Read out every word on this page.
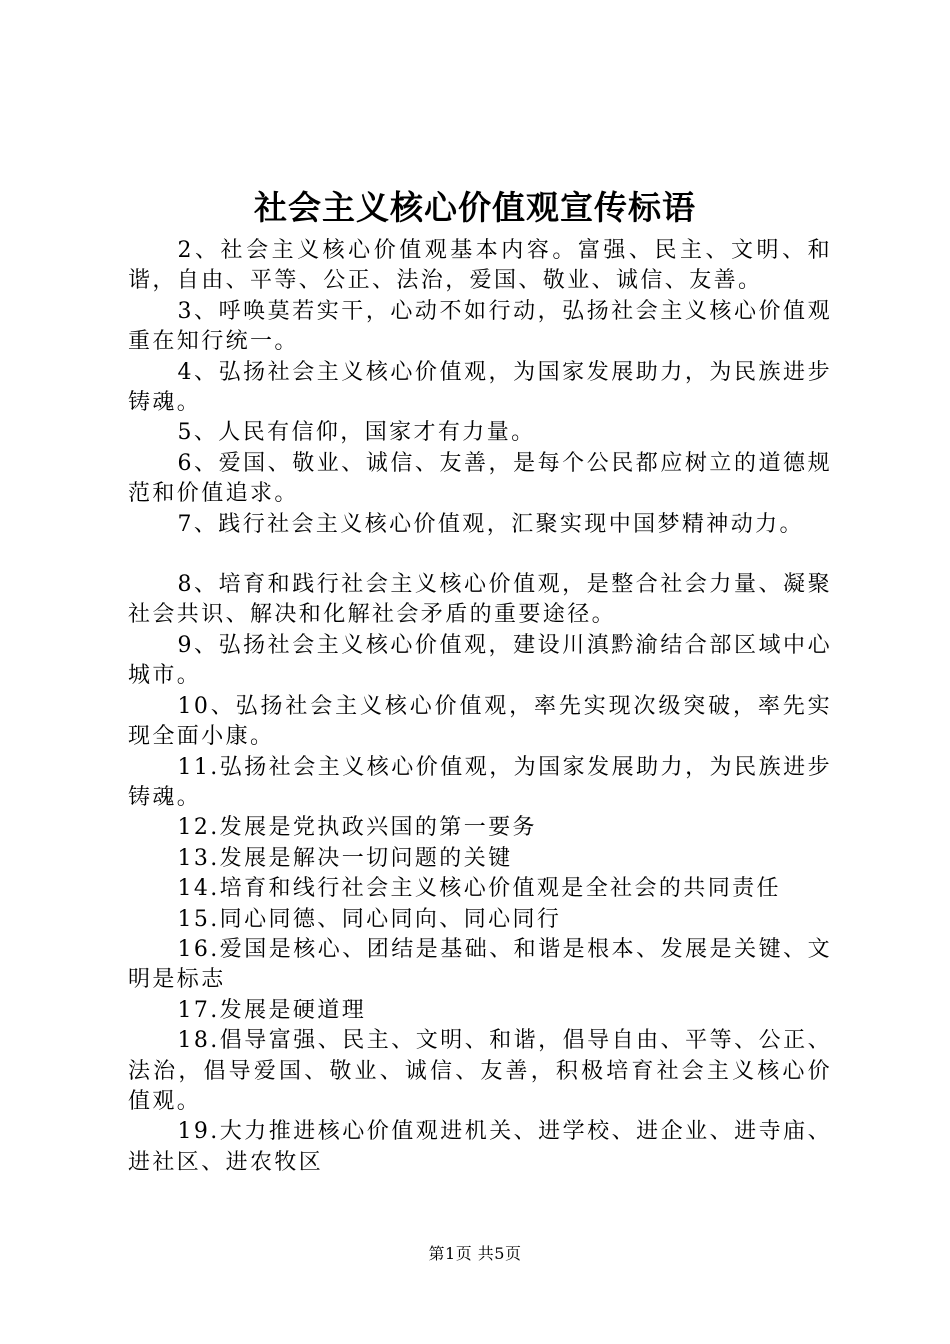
社会主义核心价值观宣传标语

2、社会主义核心价值观基本内容。富强、民主、文明、和谐，自由、平等、公正、法治，爱国、敬业、诚信、友善。

3、呼唤莫若实干，心动不如行动，弘扬社会主义核心价值观重在知行统一。

4、弘扬社会主义核心价值观，为国家发展助力，为民族进步铸魂。

5、人民有信仰，国家才有力量。

6、爱国、敬业、诚信、友善，是每个公民都应树立的道德规范和价值追求。

7、践行社会主义核心价值观，汇聚实现中国梦精神动力。

8、培育和践行社会主义核心价值观，是整合社会力量、凝聚社会共识、解决和化解社会矛盾的重要途径。

9、弘扬社会主义核心价值观，建设川滇黔渝结合部区域中心城市。

10、弘扬社会主义核心价值观，率先实现次级突破，率先实现全面小康。

11.弘扬社会主义核心价值观，为国家发展助力，为民族进步铸魂。

12.发展是党执政兴国的第一要务

13.发展是解决一切问题的关键

14.培育和线行社会主义核心价值观是全社会的共同责任

15.同心同德、同心同向、同心同行

16.爱国是核心、团结是基础、和谐是根本、发展是关键、文明是标志

17.发展是硬道理

18.倡导富强、民主、文明、和谐，倡导自由、平等、公正、法治，倡导爱国、敬业、诚信、友善，积极培育社会主义核心价值观。

19.大力推进核心价值观进机关、进学校、进企业、进寺庙、进社区、进农牧区

第1页 共5页
